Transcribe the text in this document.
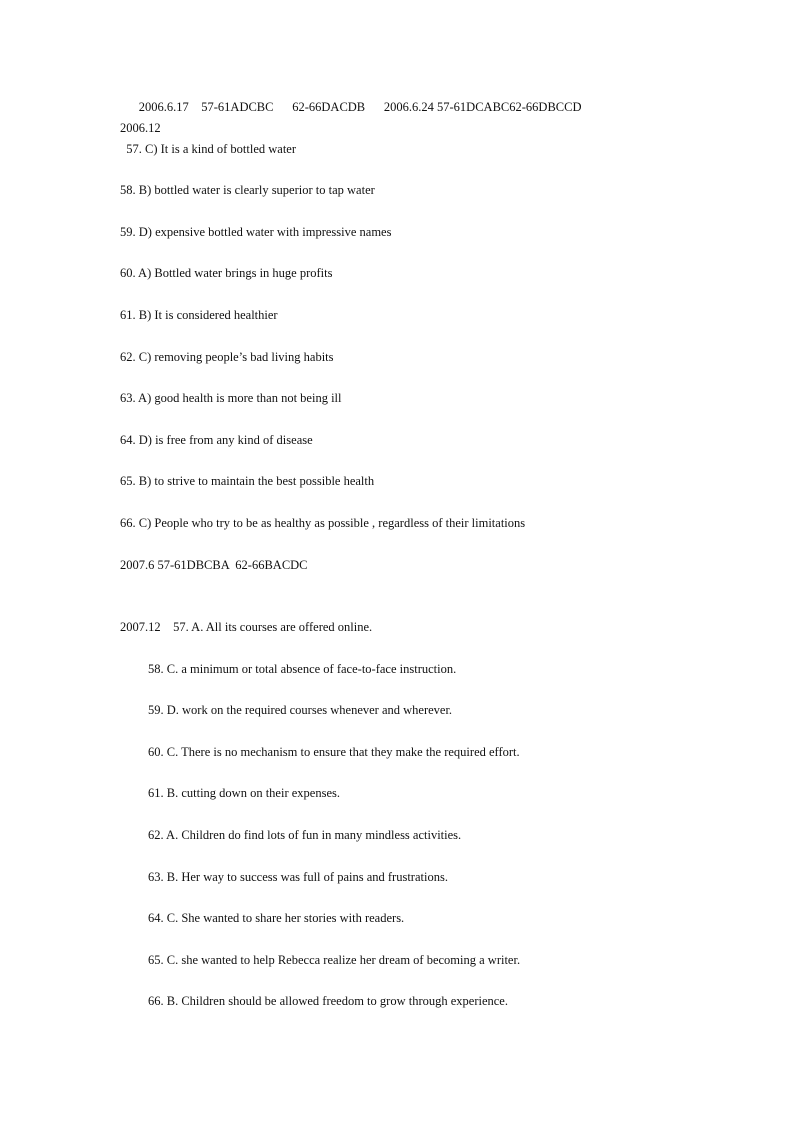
2006.6.17    57-61ADCBC      62-66DACDB      2006.6.24 57-61DCABC62-66DBCCD
2006.12
57. C) It is a kind of bottled water
58. B) bottled water is clearly superior to tap water
59. D) expensive bottled water with impressive names
60. A) Bottled water brings in huge profits
61. B) It is considered healthier
62. C) removing people’s bad living habits
63. A) good health is more than not being ill
64. D) is free from any kind of disease
65. B) to strive to maintain the best possible health
66. C) People who try to be as healthy as possible , regardless of their limitations
2007.6 57-61DBCBA  62-66BACDC
2007.12    57. A. All its courses are offered online.
58. C. a minimum or total absence of face-to-face instruction.
59. D. work on the required courses whenever and wherever.
60. C. There is no mechanism to ensure that they make the required effort.
61. B. cutting down on their expenses.
62. A. Children do find lots of fun in many mindless activities.
63. B. Her way to success was full of pains and frustrations.
64. C. She wanted to share her stories with readers.
65. C. she wanted to help Rebecca realize her dream of becoming a writer.
66. B. Children should be allowed freedom to grow through experience.
